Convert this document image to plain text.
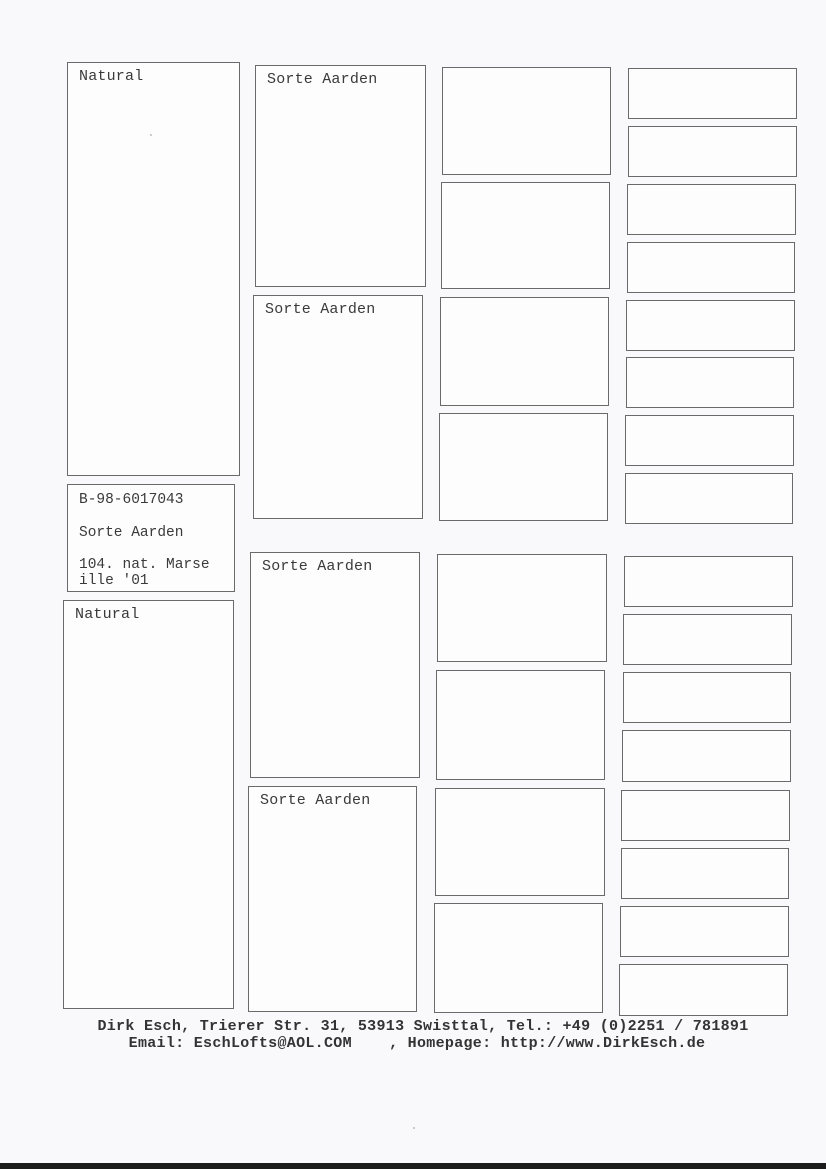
Natural
B-98-6017043
Sorte Aarden
104. nat. Marse
ille '01
Natural
Sorte Aarden
Sorte Aarden
Sorte Aarden
Sorte Aarden
Dirk Esch, Trierer Str. 31, 53913 Swisttal, Tel.: +49 (0)2251 / 781891
Email: EschLofts@AOL.COM    , Homepage: http://www.DirkEsch.de
